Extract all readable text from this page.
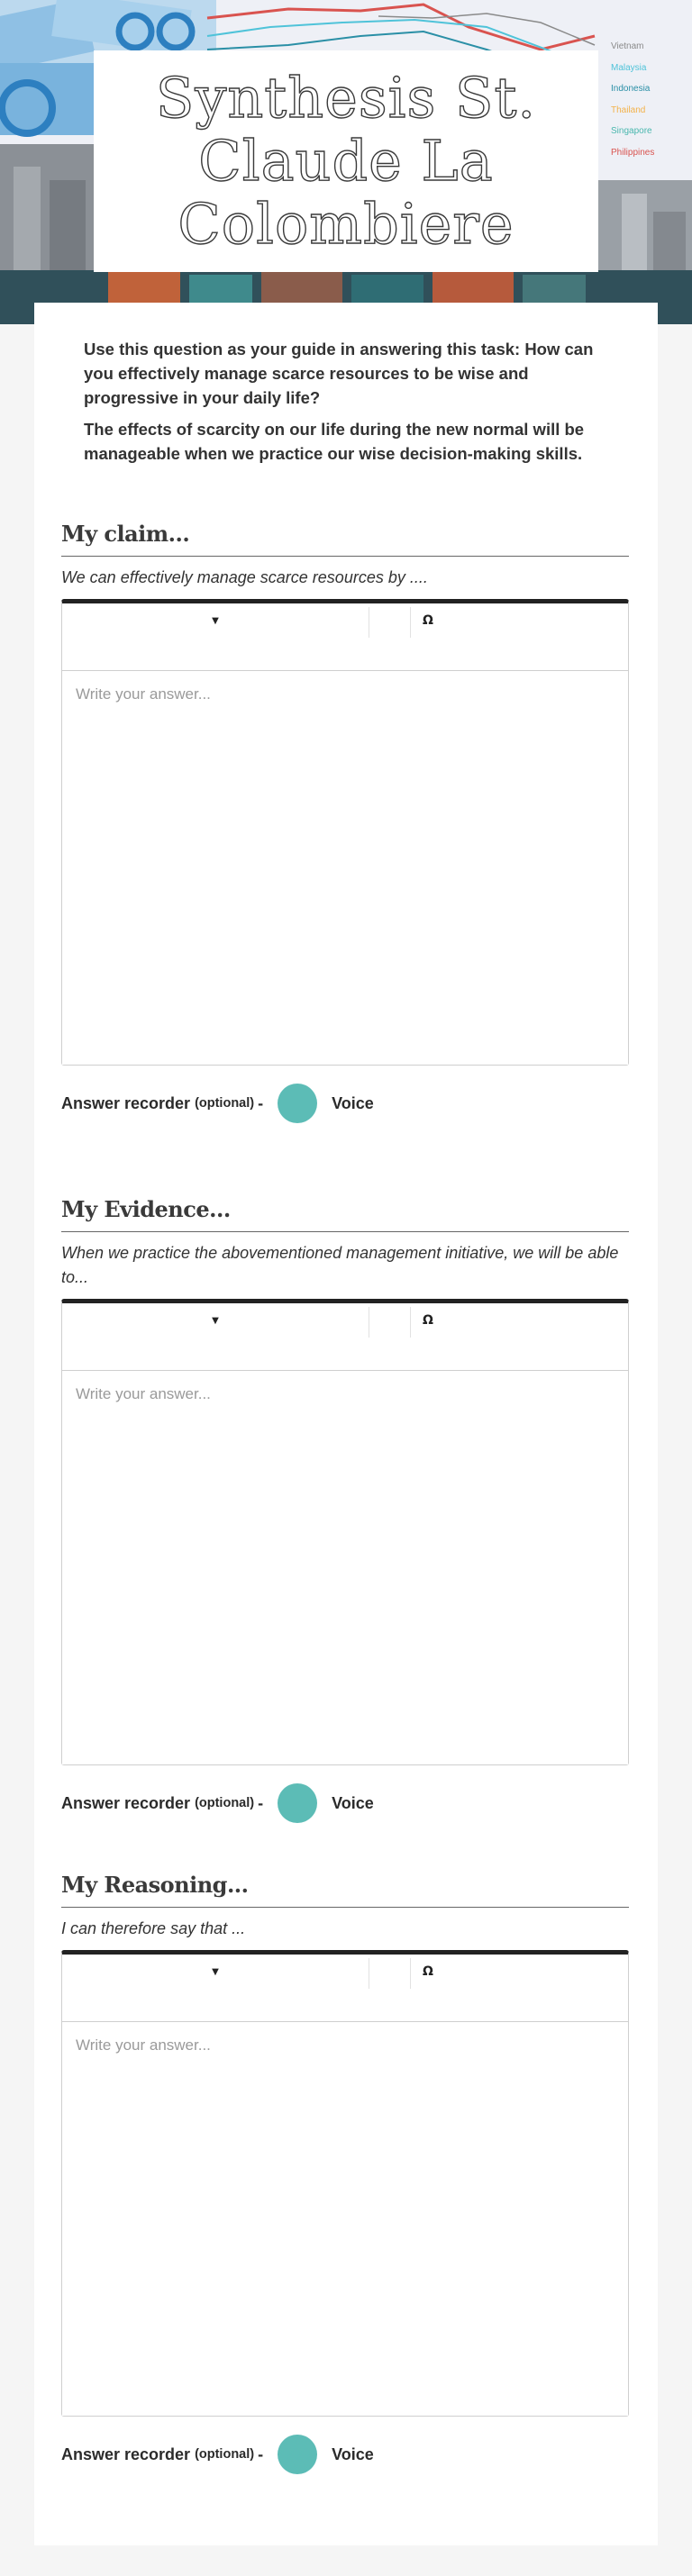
Vietnam
Malaysia
Indonesia
Thailand
Singapore
Philippines
Synthesis St.
Claude La
Colombiere

Use this question as your guide in answering this task: How can you effectively manage scarce resources to be wise and progressive in your daily life?

The effects of scarcity on our life during the new normal will be manageable when we practice our wise decision-making skills.

My claim...

We can effectively manage scarce resources by ....

▼	Ω
Write your answer...
Answer recorder (optional) -	Voice
My Evidence...

When we practice the abovementioned management initiative, we will be able to...

▼	Ω
Write your answer...
Answer recorder (optional) -	Voice
My Reasoning...

I can therefore say that ...

▼	Ω
Write your answer...
Answer recorder (optional) -	Voice
